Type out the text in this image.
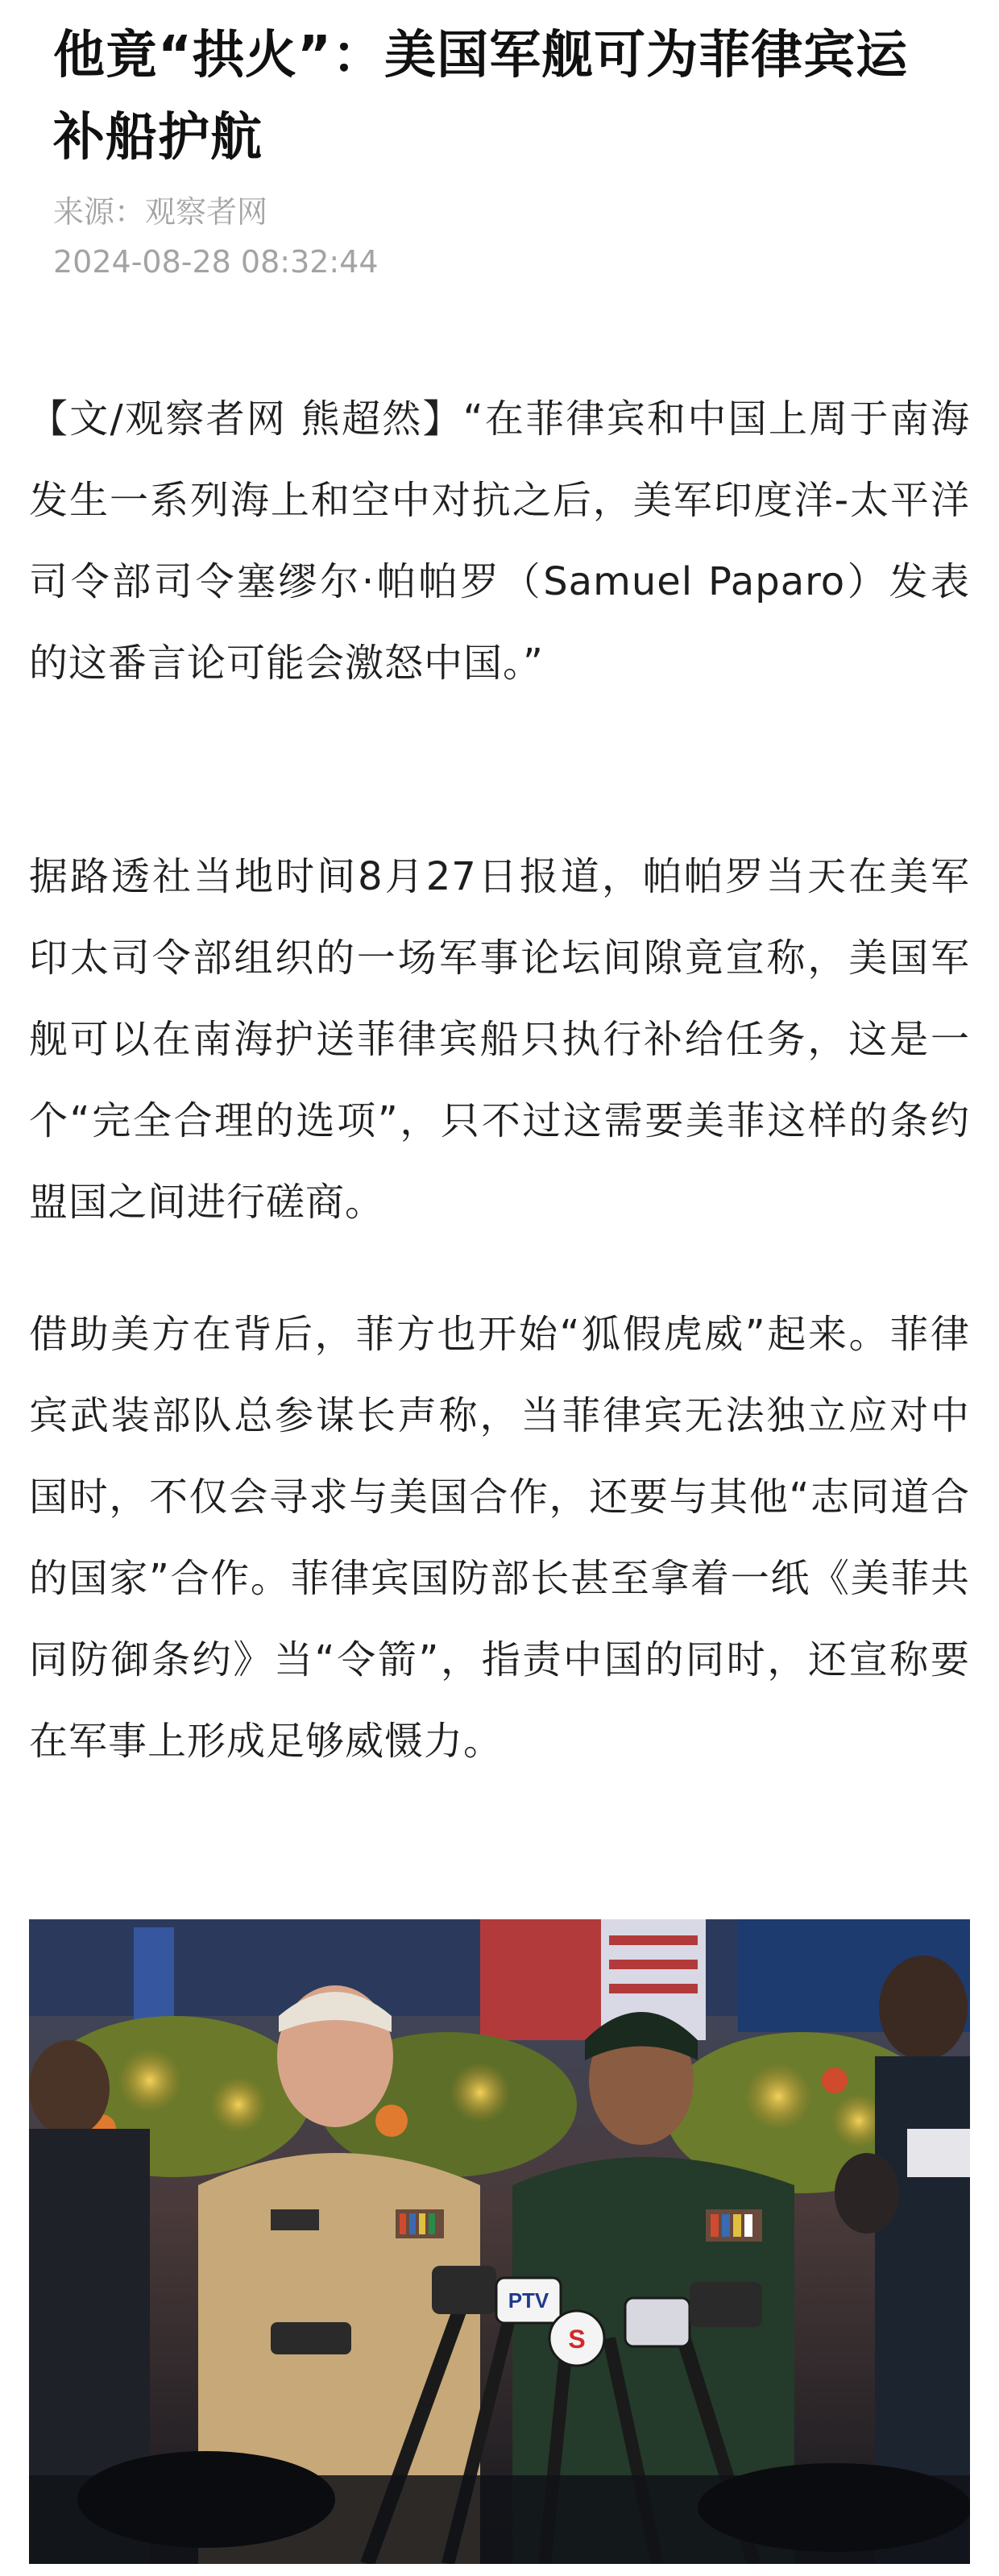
他竟“拱火”：美国军舰可为菲律宾运补船护航
来源：观察者网
2024-08-28 08:32:44

【文/观察者网 熊超然】“在菲律宾和中国上周于南海发生一系列海上和空中对抗之后，美军印度洋-太平洋司令部司令塞缪尔·帕帕罗（Samuel Paparo）发表的这番言论可能会激怒中国。”

据路透社当地时间8月27日报道，帕帕罗当天在美军印太司令部组织的一场军事论坛间隙竟宣称，美国军舰可以在南海护送菲律宾船只执行补给任务，这是一个“完全合理的选项”，只不过这需要美菲这样的条约盟国之间进行磋商。

借助美方在背后，菲方也开始“狐假虎威”起来。菲律宾武装部队总参谋长声称，当菲律宾无法独立应对中国时，不仅会寻求与美国合作，还要与其他“志同道合的国家”合作。菲律宾国防部长甚至拿着一纸《美菲共同防御条约》当“令箭”，指责中国的同时，还宣称要在军事上形成足够威慑力。

PTV
S
